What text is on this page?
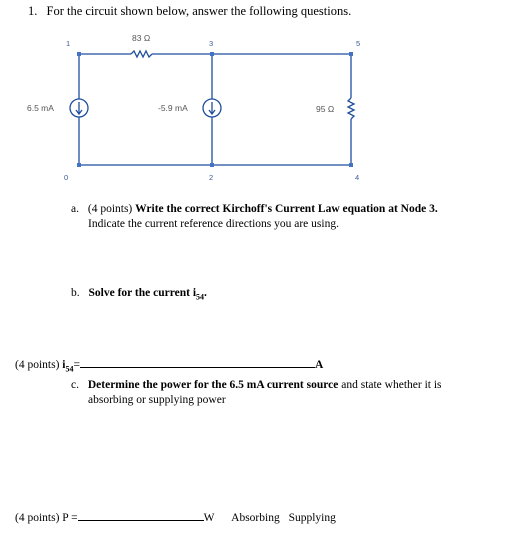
1. For the circuit shown below, answer the following questions.
1	3	5
0	2	4
83 Ω
95 Ω
6.5 mA	-5.9 mA
a. (4 points) Write the correct Kirchoff's Current Law equation at Node 3.
Indicate the current reference directions you are using.
b. Solve for the current $i_{54}$.
(4 points) $i_{54}=$	A
c. Determine the power for the 6.5 mA current source and state whether it is
absorbing or supplying power
(4 points) P =	W Absorbing Supplying
